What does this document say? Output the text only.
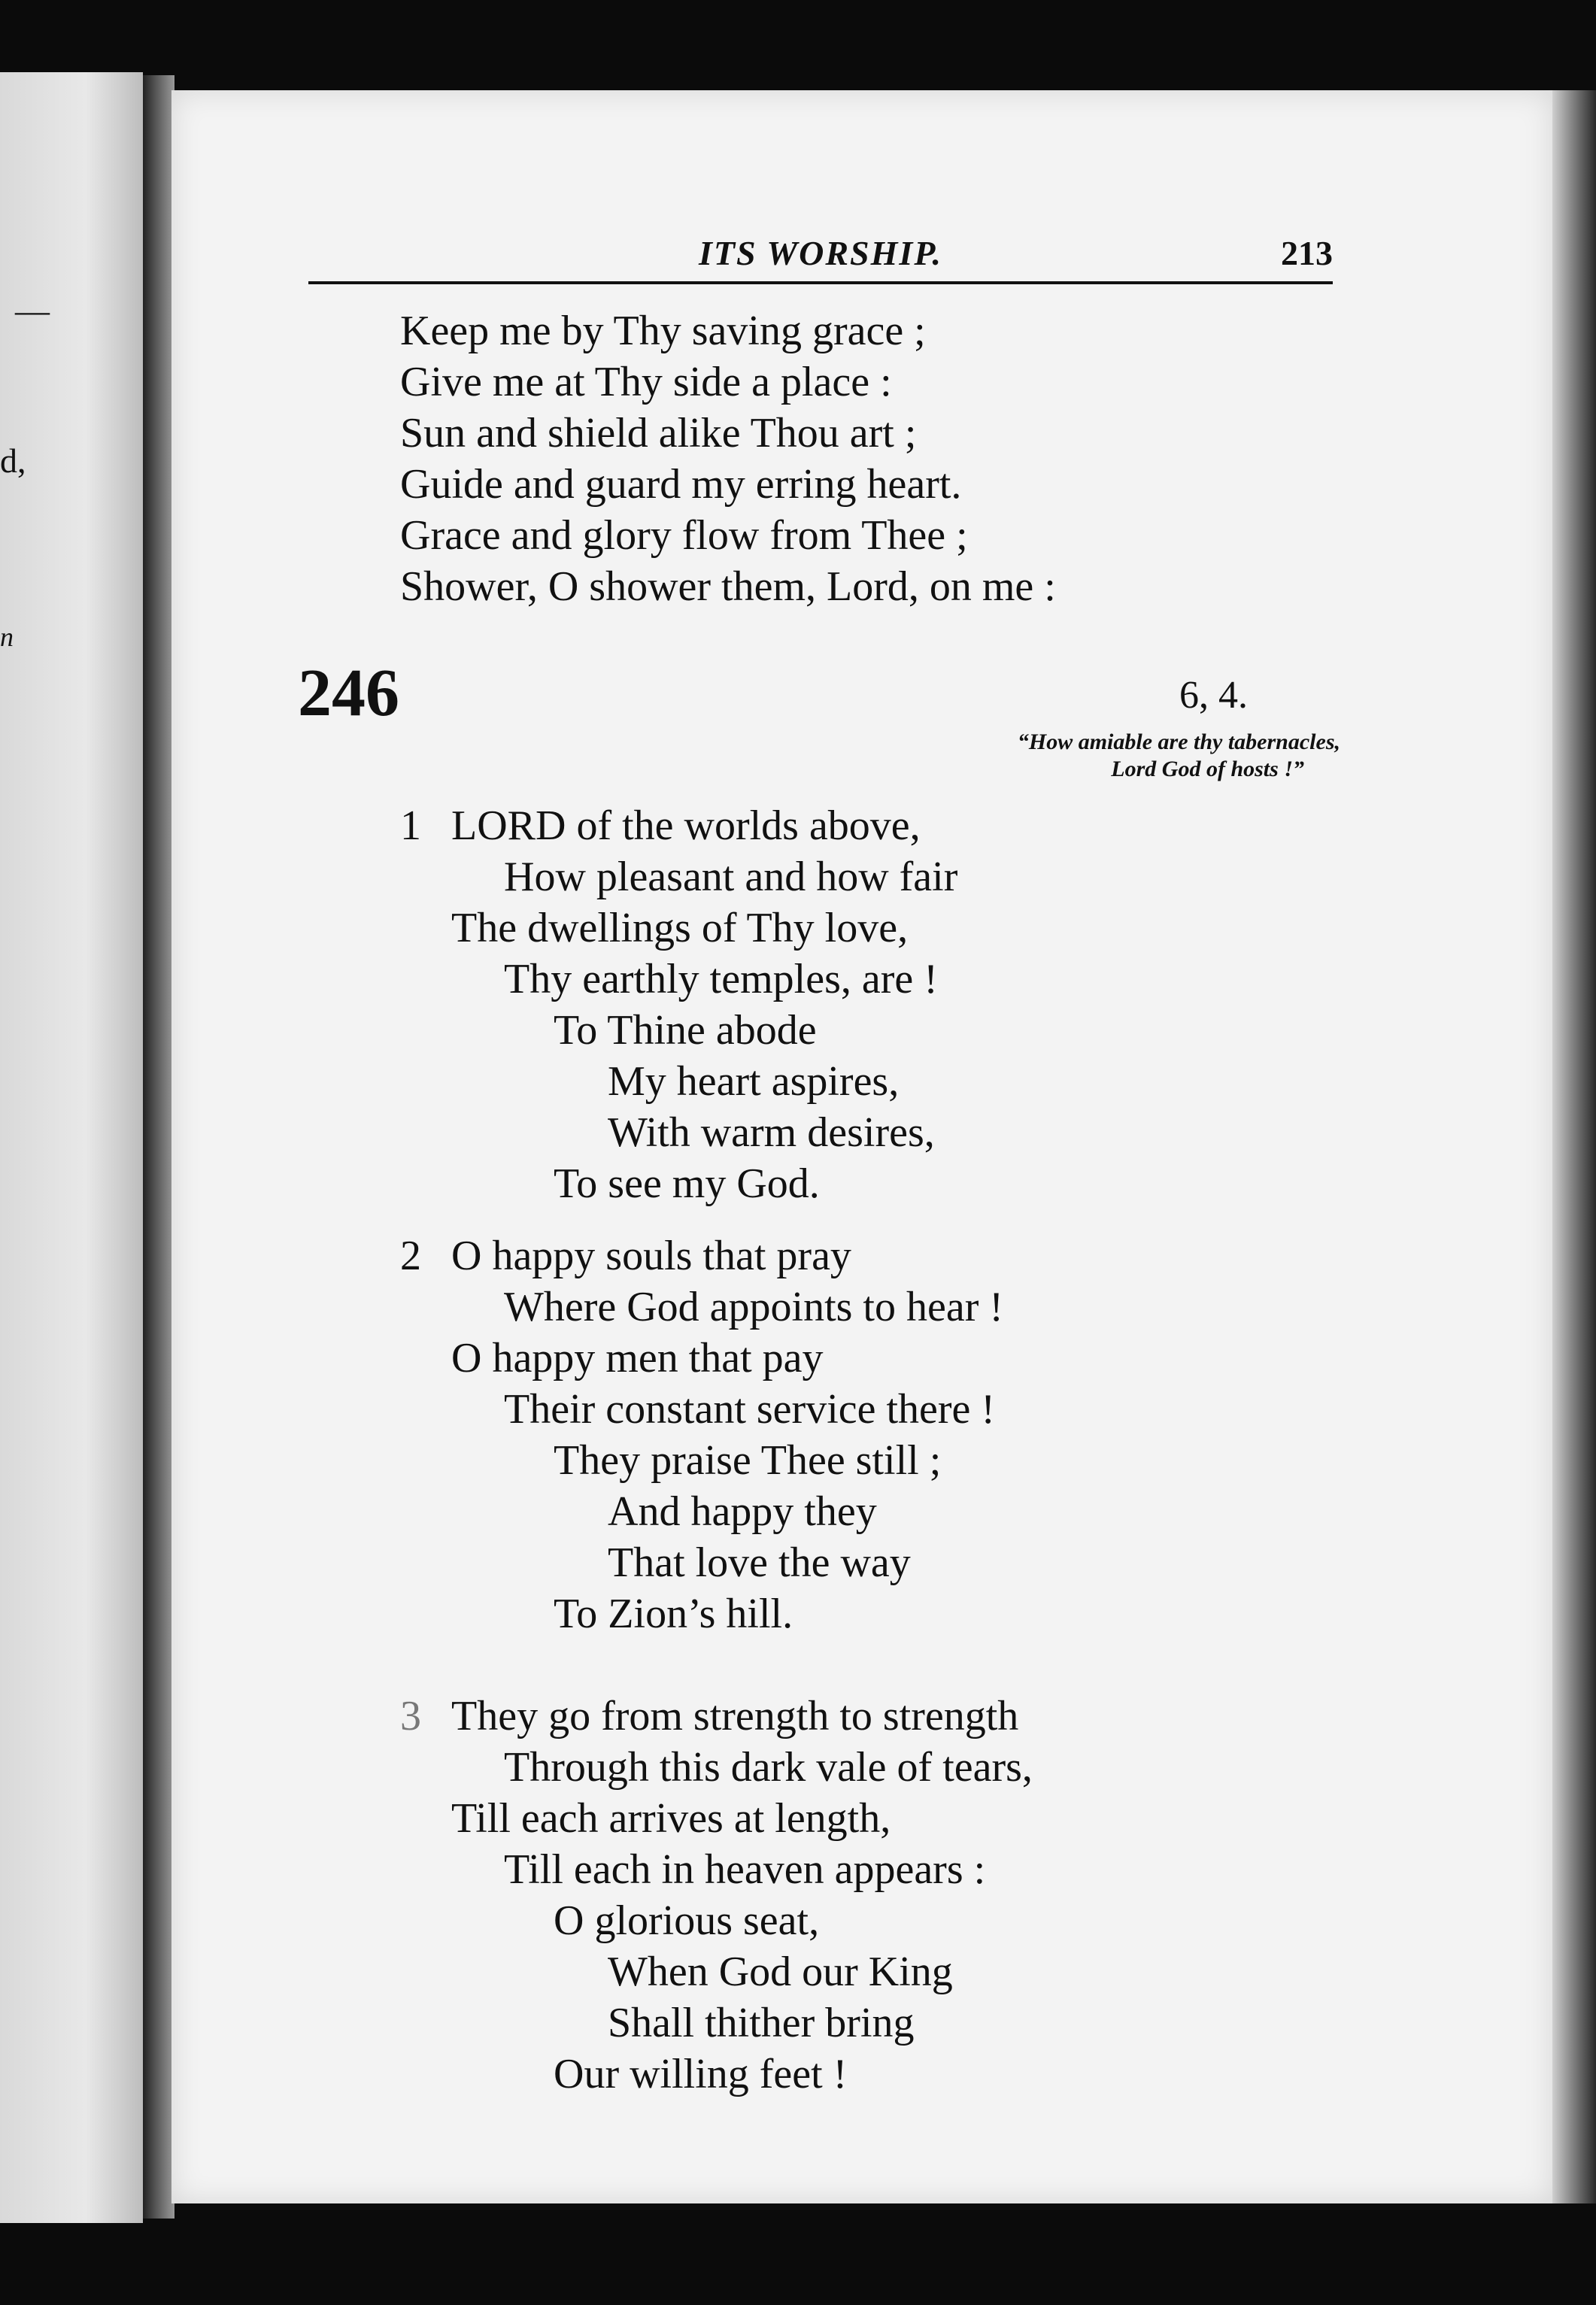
—
d,
n
ITS WORSHIP.	213
Keep me by Thy saving grace ;
Give me at Thy side a place :
Sun and shield alike Thou art ;
Guide and guard my erring heart.
Grace and glory flow from Thee ;
Shower, O shower them, Lord, on me :
246	6, 4.
“How amiable are thy tabernacles,
Lord God of hosts !”
1 LORD of the worlds above,
How pleasant and how fair
The dwellings of Thy love,
Thy earthly temples, are !
To Thine abode
My heart aspires,
With warm desires,
To see my God.
2 O happy souls that pray
Where God appoints to hear !
O happy men that pay
Their constant service there !
They praise Thee still ;
And happy they
That love the way
To Zion’s hill.
3 They go from strength to strength
Through this dark vale of tears,
Till each arrives at length,
Till each in heaven appears :
O glorious seat,
When God our King
Shall thither bring
Our willing feet !
